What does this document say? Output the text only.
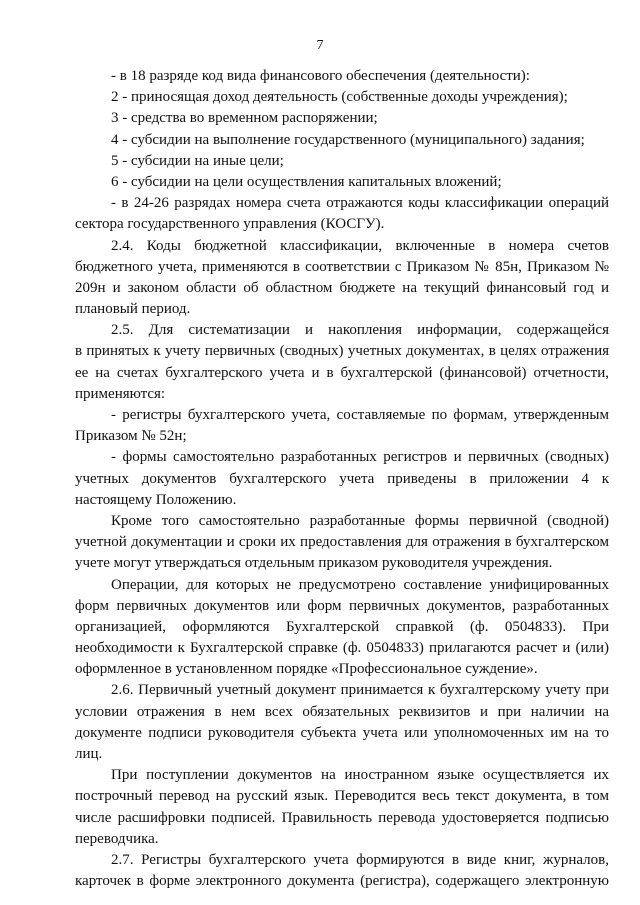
7
- в 18 разряде код вида финансового обеспечения (деятельности):
2 - приносящая доход деятельность (собственные доходы учреждения);
3 - средства во временном распоряжении;
4 - субсидии на выполнение государственного (муниципального) задания;
5 - субсидии на иные цели;
6 - субсидии на цели осуществления капитальных вложений;
- в 24-26 разрядах номера счета отражаются коды классификации операций
сектора государственного управления (КОСГУ).
2.4. Коды бюджетной классификации, включенные в номера счетов
бюджетного учета, применяются в соответствии с Приказом № 85н, Приказом №
209н и законом области об областном бюджете на текущий финансовый год и
плановый период.
2.5. Для систематизации и накопления информации, содержащейся
в принятых к учету первичных (сводных) учетных документах, в целях отражения
ее на счетах бухгалтерского учета и в бухгалтерской (финансовой) отчетности,
применяются:
- регистры бухгалтерского учета, составляемые по формам, утвержденным
Приказом № 52н;
- формы самостоятельно разработанных регистров и первичных (сводных)
учетных документов бухгалтерского учета приведены в приложении 4 к
настоящему Положению.
Кроме того самостоятельно разработанные формы первичной (сводной)
учетной документации и сроки их предоставления для отражения в бухгалтерском
учете могут утверждаться отдельным приказом руководителя учреждения.
Операции, для которых не предусмотрено составление унифицированных
форм первичных документов или форм первичных документов, разработанных
организацией, оформляются Бухгалтерской справкой (ф. 0504833). При
необходимости к Бухгалтерской справке (ф. 0504833) прилагаются расчет и (или)
оформленное в установленном порядке «Профессиональное суждение».
2.6. Первичный учетный документ принимается к бухгалтерскому учету при
условии отражения в нем всех обязательных реквизитов и при наличии на
документе подписи руководителя субъекта учета или уполномоченных им на то
лиц.
При поступлении документов на иностранном языке осуществляется их
построчный перевод на русский язык. Переводится весь текст документа, в том
числе расшифровки подписей. Правильность перевода удостоверяется подписью
переводчика.
2.7. Регистры бухгалтерского учета формируются в виде книг, журналов,
карточек в форме электронного документа (регистра), содержащего электронную
